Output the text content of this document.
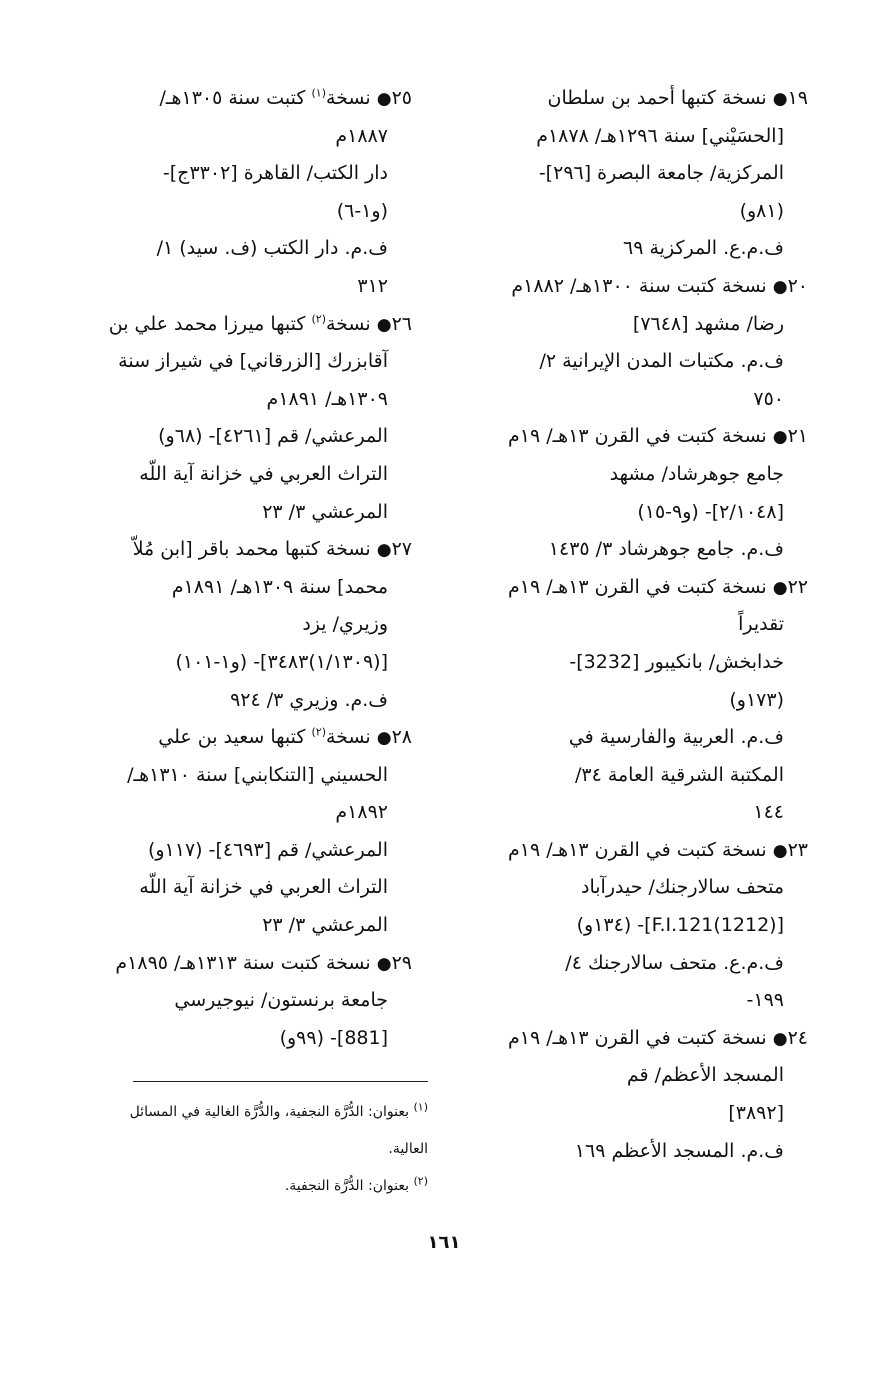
١٩● نسخة كتبها أحمد بن سلطان
[الحسَيْني] سنة ١٢٩٦هـ/ ١٨٧٨م
المركزية/ جامعة البصرة [٢٩٦]-
(٨١و)
ف.م.ع. المركزية ٦٩
٢٠● نسخة كتبت سنة ١٣٠٠هـ/ ١٨٨٢م
رضا/ مشهد [٧٦٤٨]
ف.م. مكتبات المدن الإيرانية ٢/
٧٥٠
٢١● نسخة كتبت في القرن ١٣هـ/ ١٩م
جامع جوهرشاد/ مشهد
[٢/١٠٤٨]- (و٩-١٥)
ف.م. جامع جوهرشاد ٣/ ١٤٣٥
٢٢● نسخة كتبت في القرن ١٣هـ/ ١٩م
تقديراً
خدابخش/ بانكيبور [3232]-
(١٧٣و)
ف.م. العربية والفارسية في
المكتبة الشرقية العامة ٣٤/
١٤٤
٢٣● نسخة كتبت في القرن ١٣هـ/ ١٩م
متحف سالارجنك/ حيدرآباد
[(1212)F.I.121]- (١٣٤و)
ف.م.ع. متحف سالارجنك ٤/
١٩٩-
٢٤● نسخة كتبت في القرن ١٣هـ/ ١٩م
المسجد الأعظم/ قم
[٣٨٩٢]
ف.م. المسجد الأعظم ١٦٩
٢٥● نسخة$^{(١)}$ كتبت سنة ١٣٠٥هـ/
١٨٨٧م
دار الكتب/ القاهرة [٣٣٠٢ج]-
(و١-٦)
ف.م. دار الكتب (ف. سيد) ١/
٣١٢
٢٦● نسخة$^{(٢)}$ كتبها ميرزا محمد علي بن
آقابزرك [الزرقاني] في شيراز سنة
١٣٠٩هـ/ ١٨٩١م
المرعشي/ قم [٤٢٦١]- (٦٨و)
التراث العربي في خزانة آية اللّه
المرعشي ٣/ ٢٣
٢٧● نسخة كتبها محمد باقر [ابن مُلاّ
محمد] سنة ١٣٠٩هـ/ ١٨٩١م
وزيري/ يزد
[(١/١٣٠٩)٣٤٨٣]- (و١-١٠١)
ف.م. وزيري ٣/ ٩٢٤
٢٨● نسخة$^{(٢)}$ كتبها سعيد بن علي
الحسيني [التنكابني] سنة ١٣١٠هـ/
١٨٩٢م
المرعشي/ قم [٤٦٩٣]- (١١٧و)
التراث العربي في خزانة آية اللّه
المرعشي ٣/ ٢٣
٢٩● نسخة كتبت سنة ١٣١٣هـ/ ١٨٩٥م
جامعة برنستون/ نيوجيرسي
[881]- (٩٩و)
$^{(١)}$ بعنوان: الدُّرَّة النجفية، والدُّرَّة الغالية في المسائل
العالية.
$^{(٢)}$ بعنوان: الدُّرَّة النجفية.
١٦١
